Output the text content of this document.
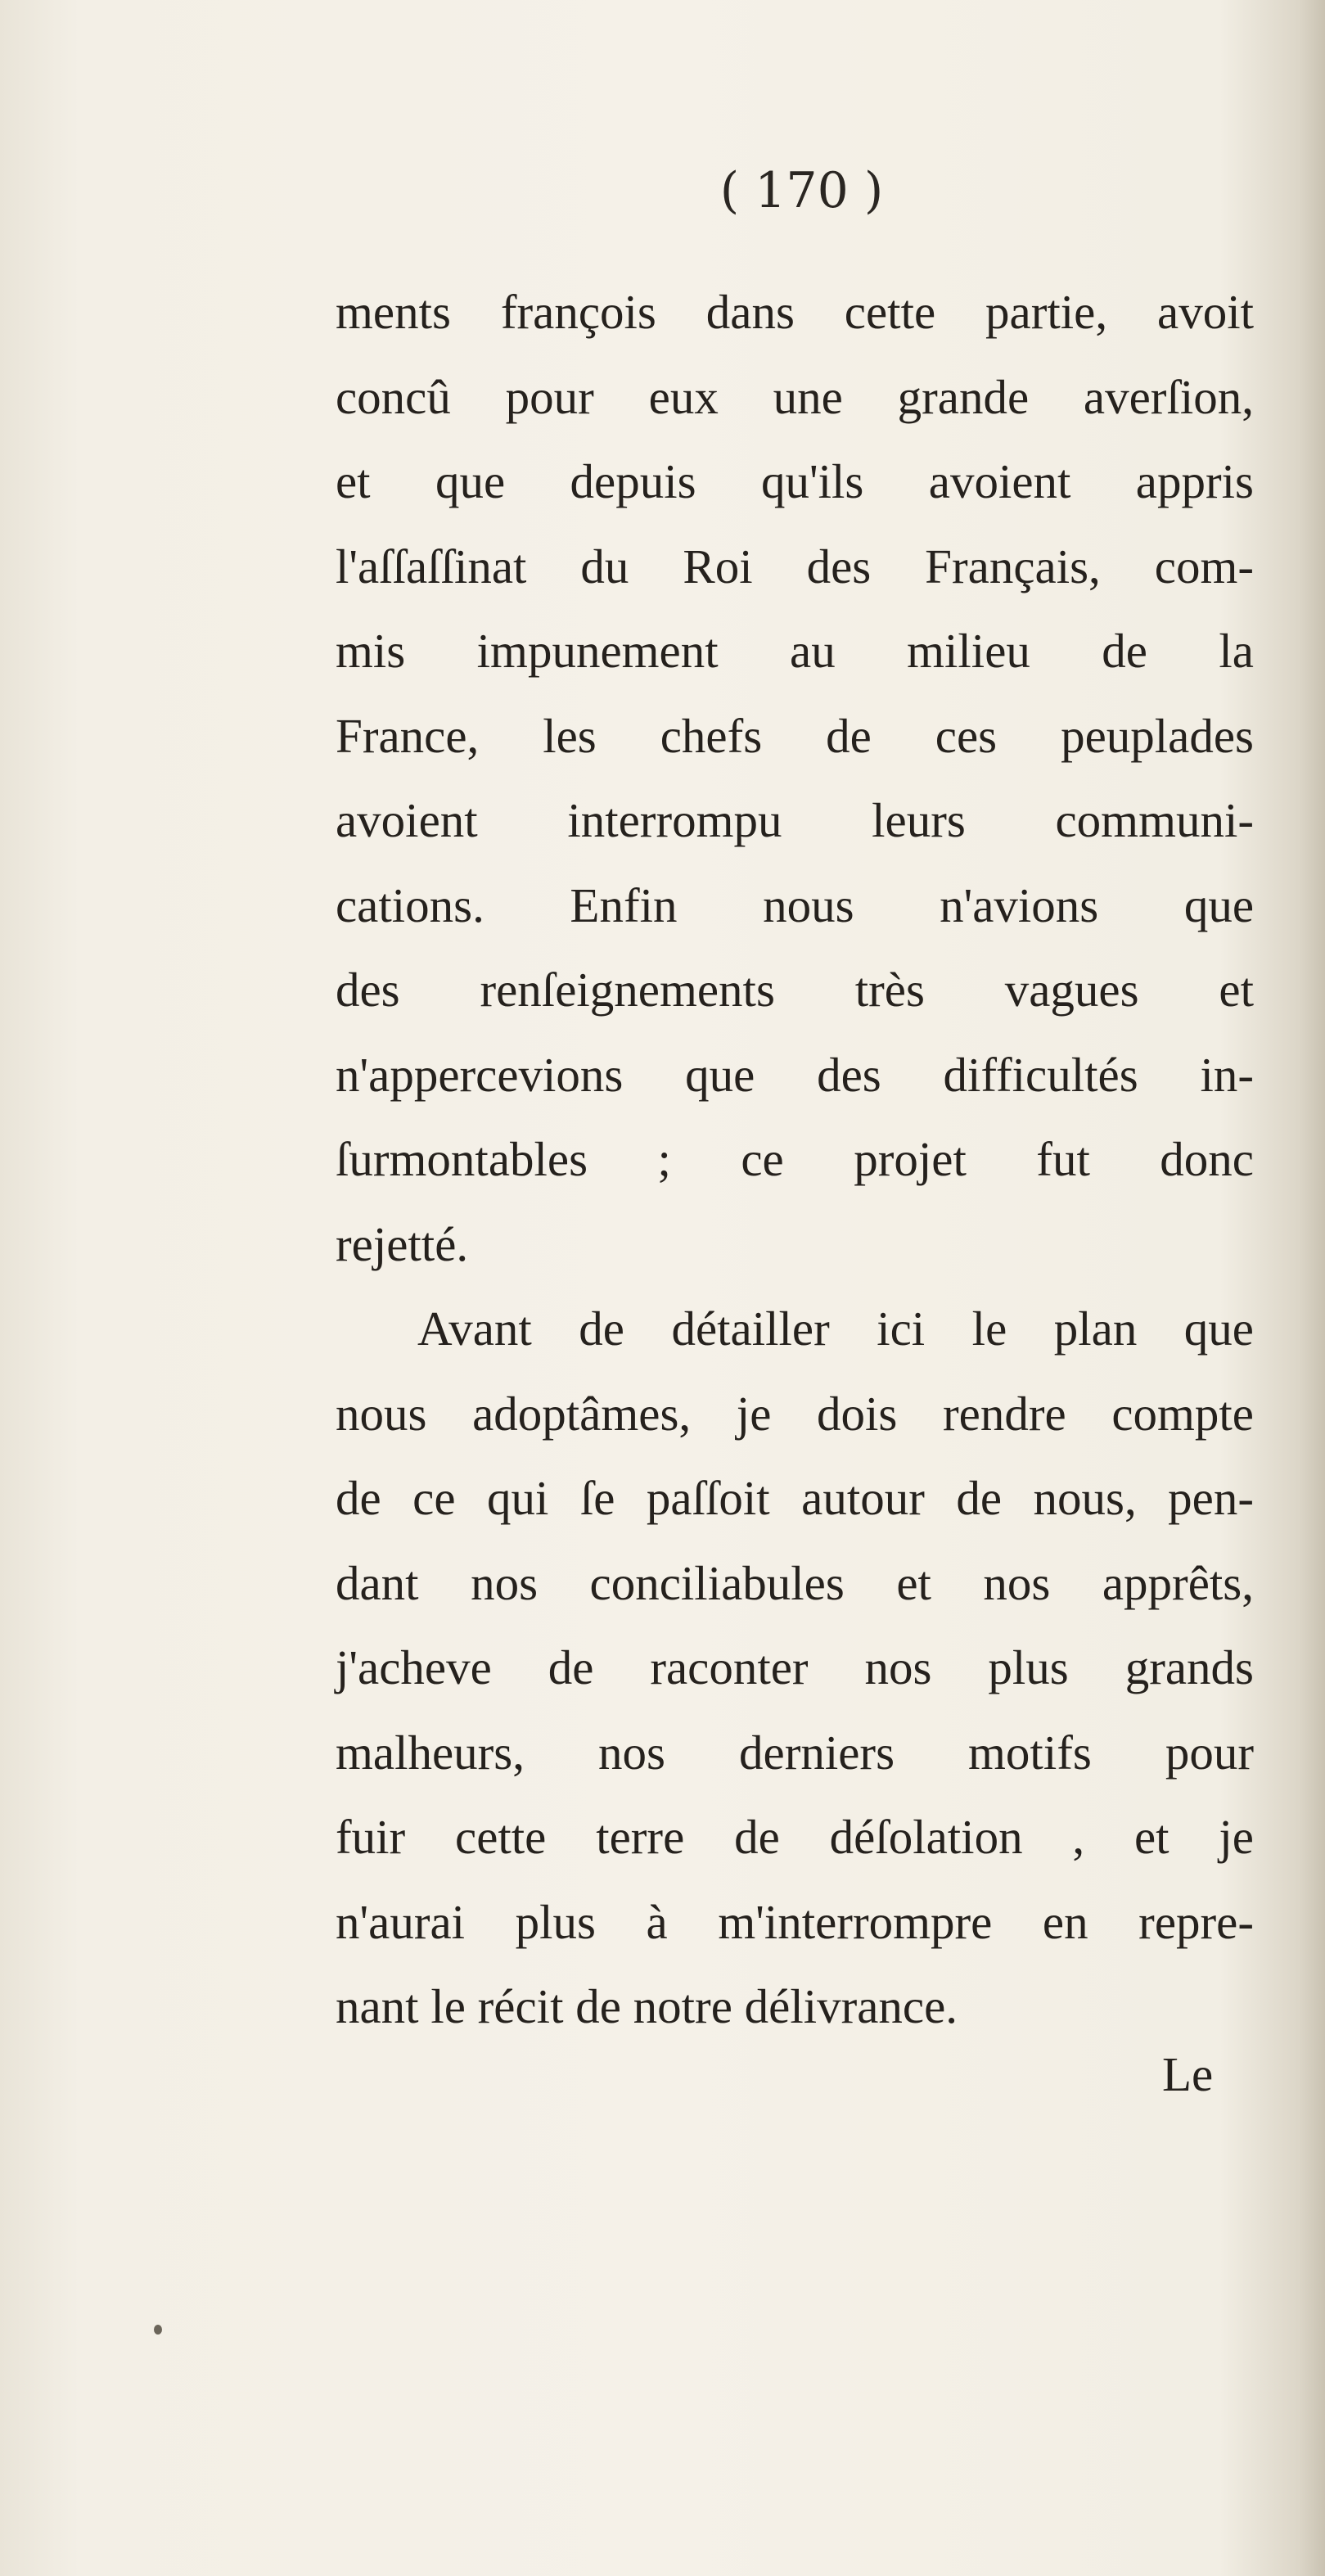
( 170 )

ments françois dans cette partie, avoit
concû pour eux une grande averſion,
et que depuis qu'ils avoient appris
l'aſſaſſinat du Roi des Français, com-
mis impunement au milieu de la
France, les chefs de ces peuplades
avoient interrompu leurs communi-
cations. Enfin nous n'avions que
des renſeignements très vagues et
n'appercevions que des difficultés in-
ſurmontables ; ce projet fut donc
rejetté.
Avant de détailler ici le plan que
nous adoptâmes, je dois rendre compte
de ce qui ſe paſſoit autour de nous, pen-
dant nos conciliabules et nos apprêts,
j'acheve de raconter nos plus grands
malheurs, nos derniers motifs pour
fuir cette terre de déſolation , et je
n'aurai plus à m'interrompre en repre-
nant le récit de notre délivrance.

Le
